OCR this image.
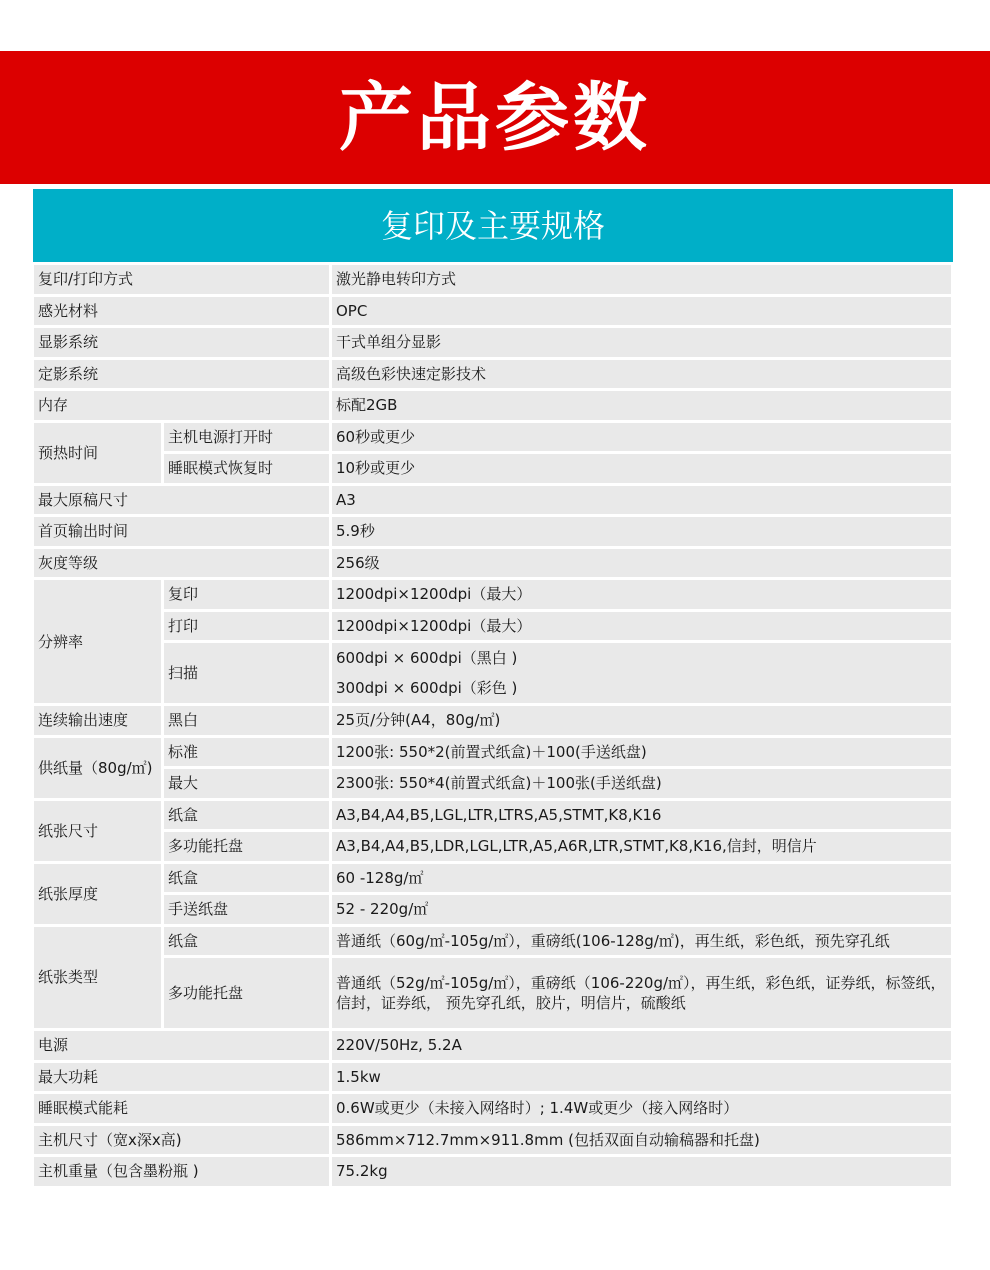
产品参数
复印及主要规格
复印/打印方式		激光静电转印方式
感光材料		OPC
显影系统		干式单组分显影
定影系统		高级色彩快速定影技术
内存		标配2GB
预热时间	主机电源打开时	60秒或更少
	睡眠模式恢复时	10秒或更少
最大原稿尺寸		A3
首页输出时间		5.9秒
灰度等级		256级
分辨率	复印	1200dpi×1200dpi（最大）
	打印	1200dpi×1200dpi（最大）
	扫描	600dpi × 600dpi（黑白 )
300dpi × 600dpi（彩色 )

连续输出速度	黑白	25页/分钟(A4，80g/㎡)
供纸量（80g/㎡)	标准	1200张: 550*2(前置式纸盒)＋100(手送纸盘)
	最大	2300张: 550*4(前置式纸盒)＋100张(手送纸盘)
纸张尺寸	纸盒	A3,B4,A4,B5,LGL,LTR,LTRS,A5,STMT,K8,K16
	多功能托盘	A3,B4,A4,B5,LDR,LGL,LTR,A5,A6R,LTR,STMT,K8,K16,信封，明信片
纸张厚度	纸盒	60 -128g/㎡
	手送纸盘	52 - 220g/㎡
纸张类型	纸盒	普通纸（60g/㎡-105g/㎡），重磅纸(106-128g/㎡)，再生纸，彩色纸，预先穿孔纸
	多功能托盘	普通纸（52g/㎡-105g/㎡），重磅纸（106-220g/㎡），再生纸，彩色纸，证券纸，标签纸，信封，证券纸， 预先穿孔纸，胶片，明信片，硫酸纸
电源		220V/50Hz, 5.2A
最大功耗		1.5kw
睡眠模式能耗		0.6W或更少（未接入网络时）; 1.4W或更少（接入网络时）
主机尺寸（宽x深x高)		586mm×712.7mm×911.8mm (包括双面自动输稿器和托盘)
主机重量（包含墨粉瓶 )		75.2kg
